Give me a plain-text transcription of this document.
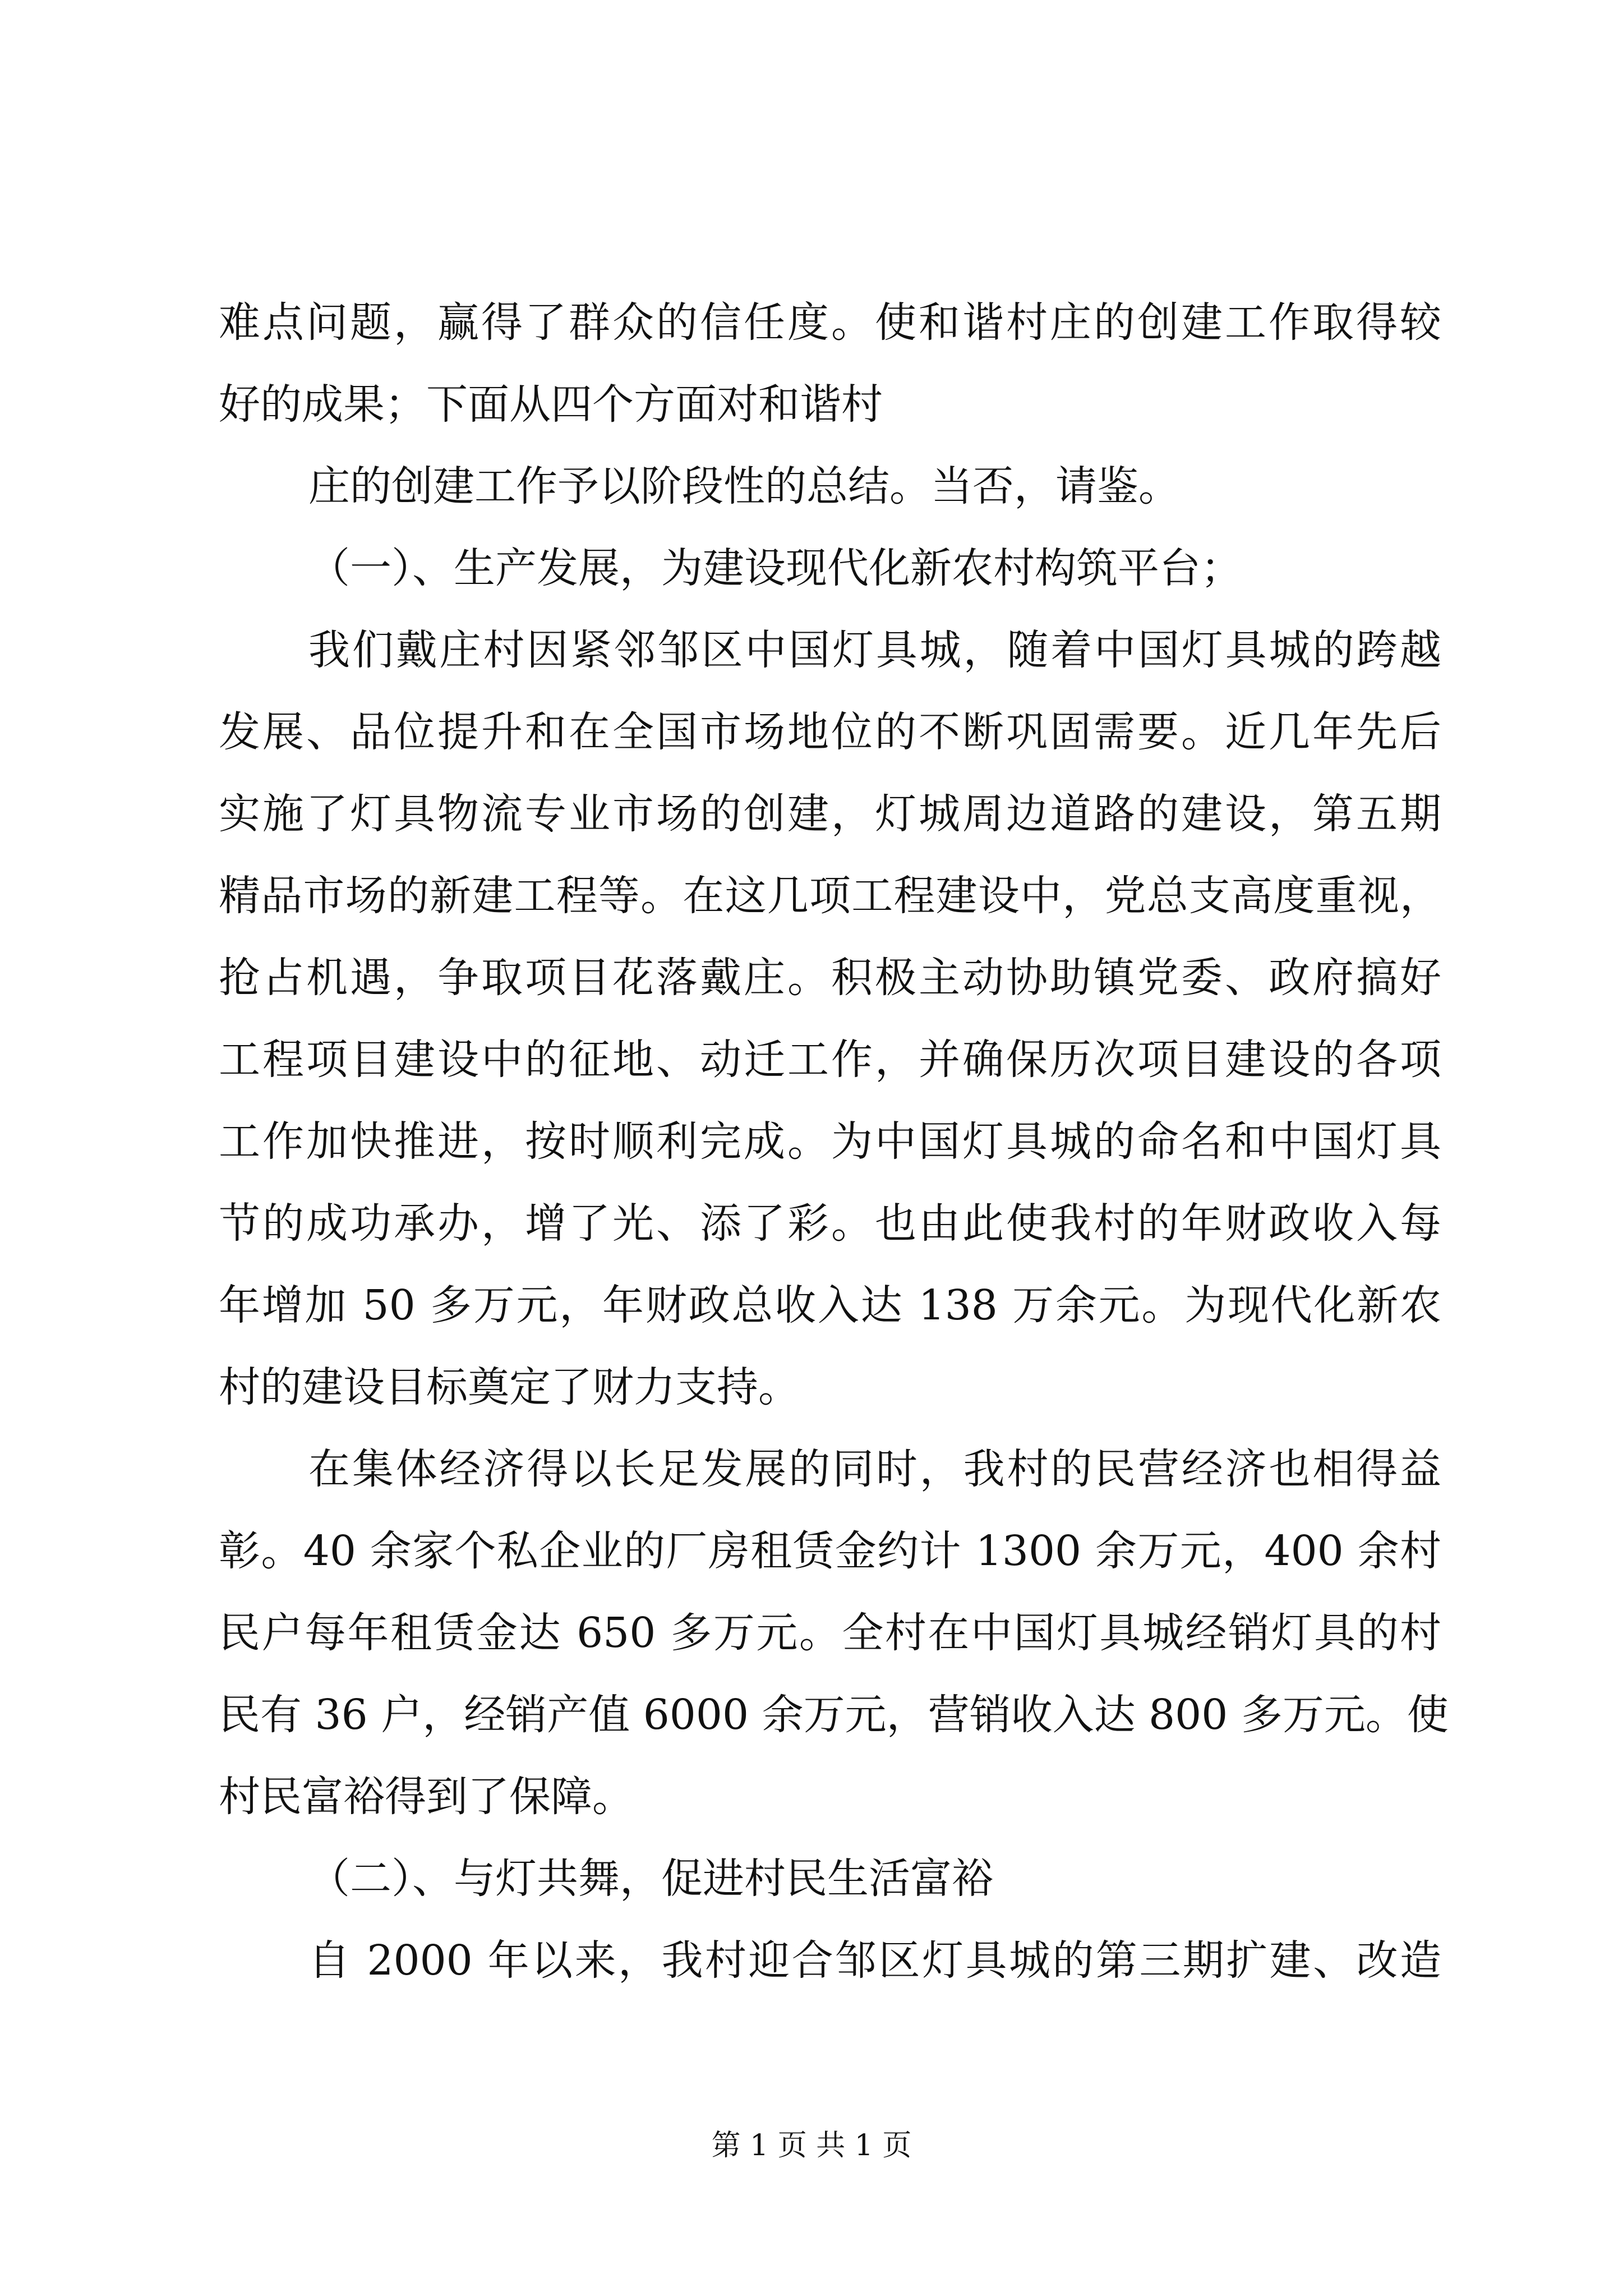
难点问题，赢得了群众的信任度。使和谐村庄的创建工作取得较
好的成果；下面从四个方面对和谐村
庄的创建工作予以阶段性的总结。当否，请鉴。
（一）、生产发展，为建设现代化新农村构筑平台；
我们戴庄村因紧邻邹区中国灯具城，随着中国灯具城的跨越
发展、品位提升和在全国市场地位的不断巩固需要。近几年先后
实施了灯具物流专业市场的创建，灯城周边道路的建设，第五期
精品市场的新建工程等。在这几项工程建设中，党总支高度重视，
抢占机遇，争取项目花落戴庄。积极主动协助镇党委、政府搞好
工程项目建设中的征地、动迁工作，并确保历次项目建设的各项
工作加快推进，按时顺利完成。为中国灯具城的命名和中国灯具
节的成功承办，增了光、添了彩。也由此使我村的年财政收入每
年增加 50 多万元，年财政总收入达 138 万余元。为现代化新农
村的建设目标奠定了财力支持。
在集体经济得以长足发展的同时，我村的民营经济也相得益
彰。40 余家个私企业的厂房租赁金约计 1300 余万元，400 余村
民户每年租赁金达 650 多万元。全村在中国灯具城经销灯具的村
民有 36 户，经销产值 6000 余万元，营销收入达 800 多万元。使
村民富裕得到了保障。
（二）、与灯共舞，促进村民生活富裕
自 2000 年以来，我村迎合邹区灯具城的第三期扩建、改造
第 1 页 共 1 页
